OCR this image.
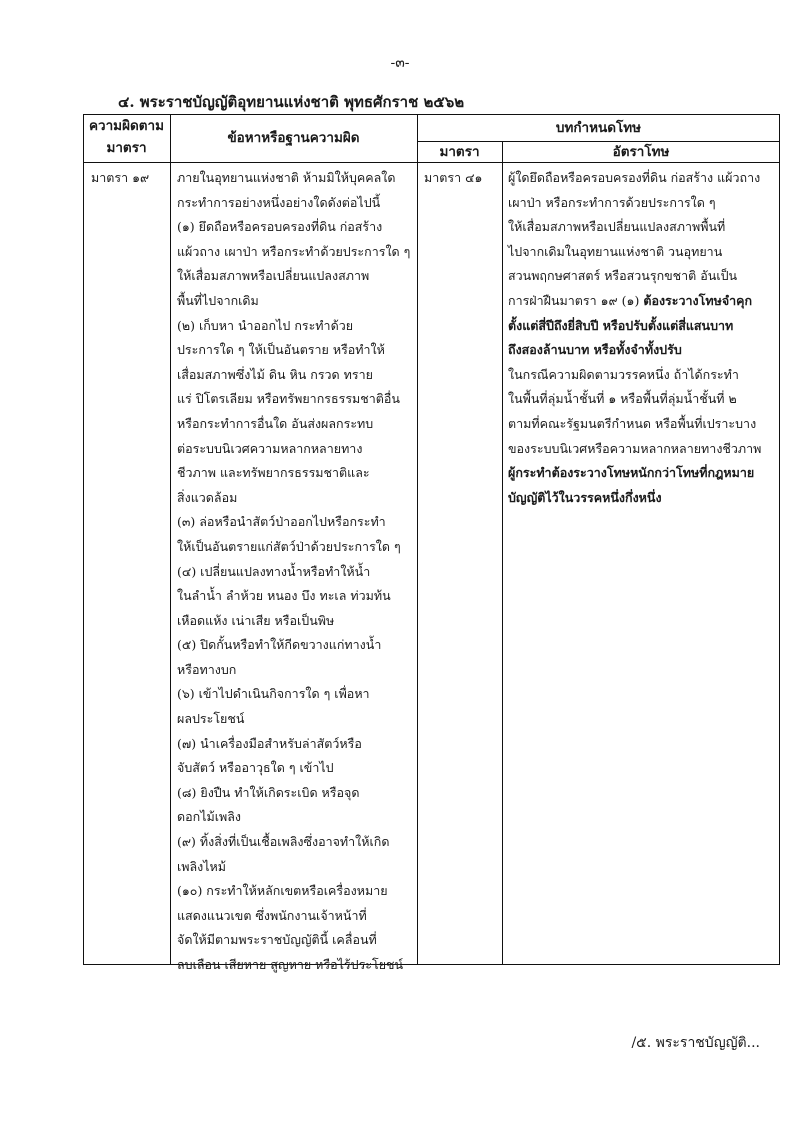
-๓-
๔. พระราชบัญญัติอุทยานแห่งชาติ พุทธศักราช ๒๕๖๒
ความผิดตาม
มาตรา
ข้อหาหรือฐานความผิด
บทกำหนดโทษ
มาตรา	อัตราโทษ
มาตรา ๑๙ ภายในอุทยานแห่งชาติ ห้ามมิให้บุคคลใด
กระทำการอย่างหนึ่งอย่างใดดังต่อไปนี้
(๑) ยึดถือหรือครอบครองที่ดิน ก่อสร้าง
แผ้วถาง เผาป่า หรือกระทำด้วยประการใด ๆ
ให้เสื่อมสภาพหรือเปลี่ยนแปลงสภาพ
พื้นที่ไปจากเดิม
(๒) เก็บหา นำออกไป กระทำด้วย
ประการใด ๆ ให้เป็นอันตราย หรือทำให้
เสื่อมสภาพซึ่งไม้ ดิน หิน กรวด ทราย
แร่ ปิโตรเลียม หรือทรัพยากรธรรมชาติอื่น
หรือกระทำการอื่นใด อันส่งผลกระทบ
ต่อระบบนิเวศความหลากหลายทาง
ชีวภาพ และทรัพยากรธรรมชาติและ
สิ่งแวดล้อม
(๓) ล่อหรือนำสัตว์ป่าออกไปหรือกระทำ
ให้เป็นอันตรายแก่สัตว์ป่าด้วยประการใด ๆ
(๔) เปลี่ยนแปลงทางน้ำหรือทำให้น้ำ
ในลำน้ำ ลำห้วย หนอง บึง ทะเล ท่วมท้น
เหือดแห้ง เน่าเสีย หรือเป็นพิษ
(๕) ปิดกั้นหรือทำให้กีดขวางแก่ทางน้ำ
หรือทางบก
(๖) เข้าไปดำเนินกิจการใด ๆ เพื่อหา
ผลประโยชน์
(๗) นำเครื่องมือสำหรับล่าสัตว์หรือ
จับสัตว์ หรืออาวุธใด ๆ เข้าไป
(๘) ยิงปืน ทำให้เกิดระเบิด หรือจุด
ดอกไม้เพลิง
(๙) ทิ้งสิ่งที่เป็นเชื้อเพลิงซึ่งอาจทำให้เกิด
เพลิงไหม้
(๑๐) กระทำให้หลักเขตหรือเครื่องหมาย
แสดงแนวเขต ซึ่งพนักงานเจ้าหน้าที่
จัดให้มีตามพระราชบัญญัตินี้ เคลื่อนที่
ลบเลือน เสียหาย สูญหาย หรือไร้ประโยชน์
มาตรา ๔๑ ผู้ใดยึดถือหรือครอบครองที่ดิน ก่อสร้าง แผ้วถาง
เผาป่า หรือกระทำการด้วยประการใด ๆ
ให้เสื่อมสภาพหรือเปลี่ยนแปลงสภาพพื้นที่
ไปจากเดิมในอุทยานแห่งชาติ วนอุทยาน
สวนพฤกษศาสตร์ หรือสวนรุกขชาติ อันเป็น
การฝ่าฝืนมาตรา ๑๙ (๑) ต้องระวางโทษจำคุก
ตั้งแต่สี่ปีถึงยี่สิบปี หรือปรับตั้งแต่สี่แสนบาท
ถึงสองล้านบาท หรือทั้งจำทั้งปรับ
ในกรณีความผิดตามวรรคหนึ่ง ถ้าได้กระทำ
ในพื้นที่ลุ่มน้ำชั้นที่ ๑ หรือพื้นที่ลุ่มน้ำชั้นที่ ๒
ตามที่คณะรัฐมนตรีกำหนด หรือพื้นที่เปราะบาง
ของระบบนิเวศหรือความหลากหลายทางชีวภาพ
ผู้กระทำต้องระวางโทษหนักกว่าโทษที่กฎหมาย
บัญญัติไว้ในวรรคหนึ่งกึ่งหนึ่ง
/๕. พระราชบัญญัติ...
